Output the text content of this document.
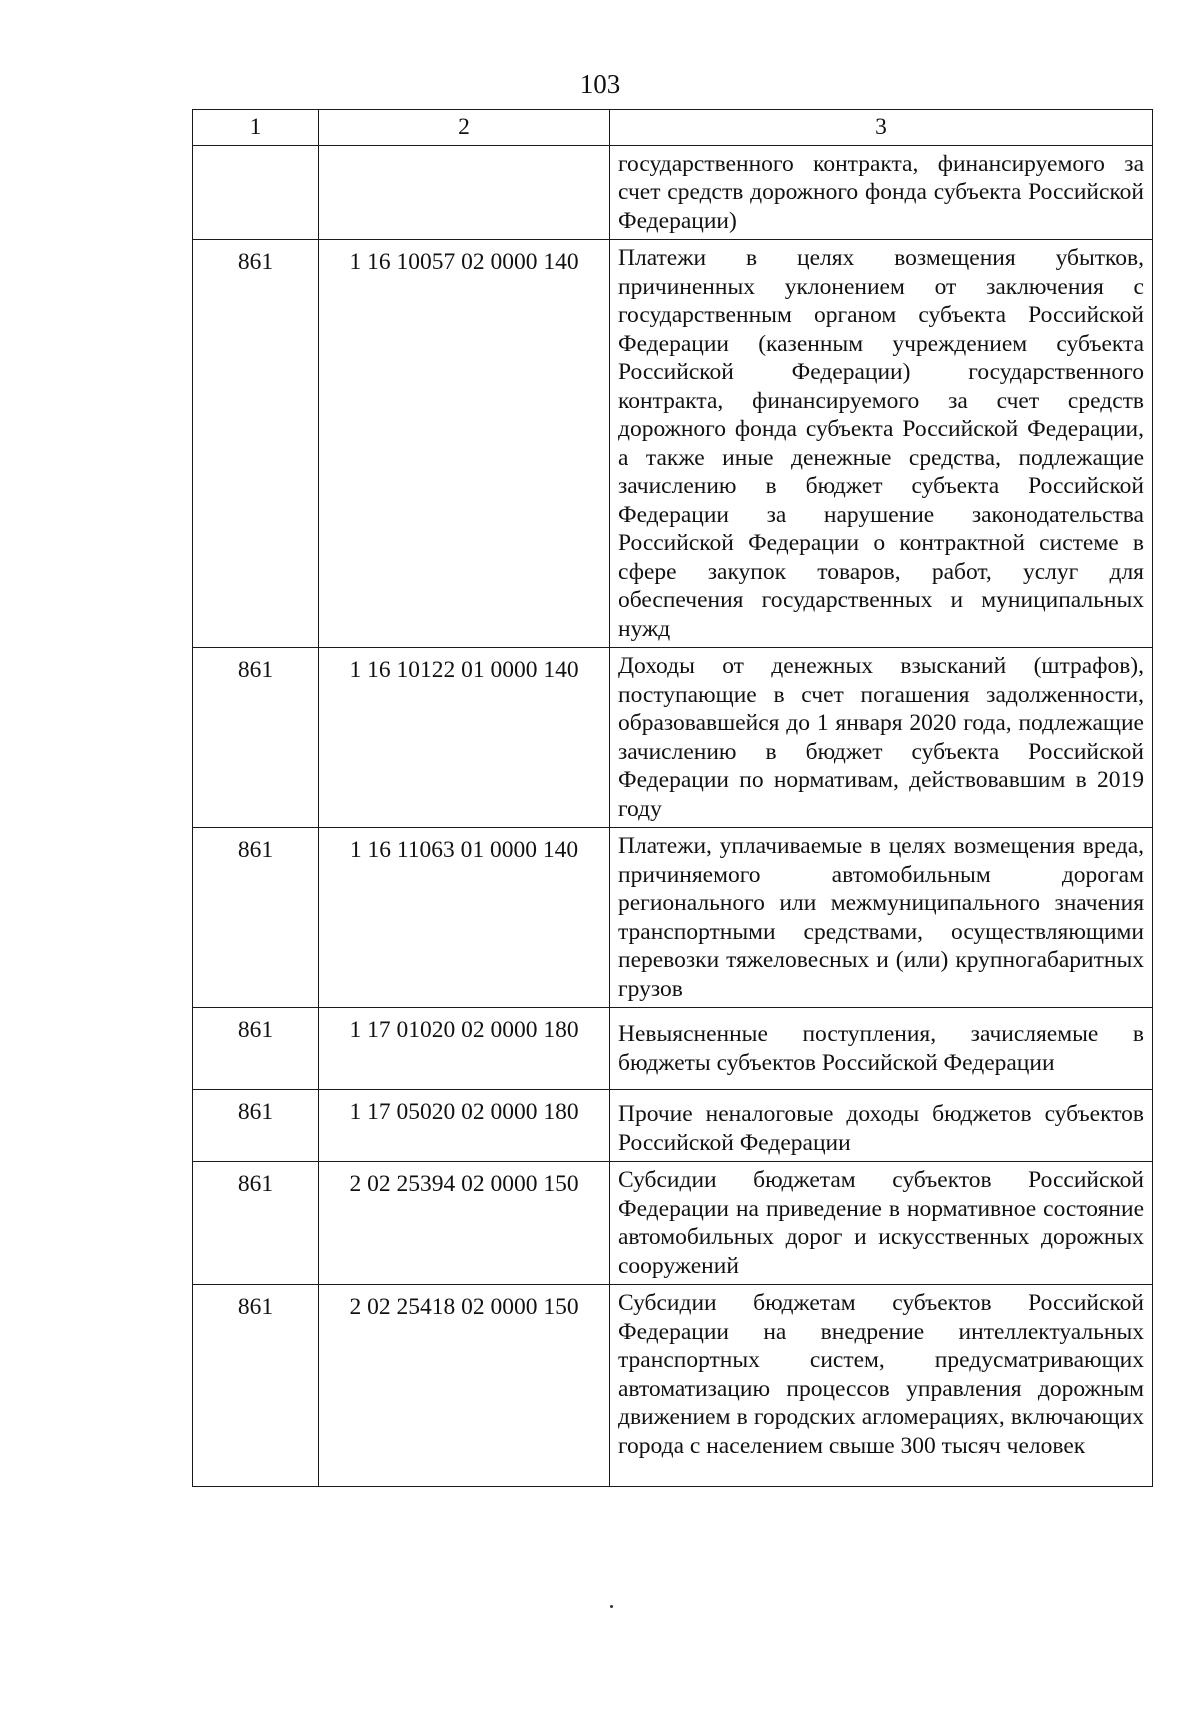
103
1	2	3
		государственного контракта, финансируемого за счет средств дорожного фонда субъекта Российской Федерации)
861	1 16 10057 02 0000 140	Платежи в целях возмещения убытков, причиненных уклонением от заключения с государственным органом субъекта Российской Федерации (казенным учреждением субъекта Российской Федерации) государственного контракта, финансируемого за счет средств дорожного фонда субъекта Российской Федерации, а также иные денежные средства, подлежащие зачислению в бюджет субъекта Российской Федерации за нарушение законодательства Российской Федерации о контрактной системе в сфере закупок товаров, работ, услуг для обеспечения государственных и муниципальных нужд
861	1 16 10122 01 0000 140	Доходы от денежных взысканий (штрафов), поступающие в счет погашения задолженности, образовавшейся до 1 января 2020 года, подлежащие зачислению в бюджет субъекта Российской Федерации по нормативам, действовавшим в 2019 году
861	1 16 11063 01 0000 140	Платежи, уплачиваемые в целях возмещения вреда, причиняемого автомобильным дорогам регионального или межмуниципального значения транспортными средствами, осуществляющими перевозки тяжеловесных и (или) крупногабаритных грузов
861	1 17 01020 02 0000 180	Невыясненные поступления, зачисляемые в бюджеты субъектов Российской Федерации
861	1 17 05020 02 0000 180	Прочие неналоговые доходы бюджетов субъектов Российской Федерации
861	2 02 25394 02 0000 150	Субсидии бюджетам субъектов Российской Федерации на приведение в нормативное состояние автомобильных дорог и искусственных дорожных сооружений
861	2 02 25418 02 0000 150	Субсидии бюджетам субъектов Российской Федерации на внедрение интеллектуальных транспортных систем, предусматривающих автоматизацию процессов управления дорожным движением в городских агломерациях, включающих города с населением свыше 300 тысяч человек
